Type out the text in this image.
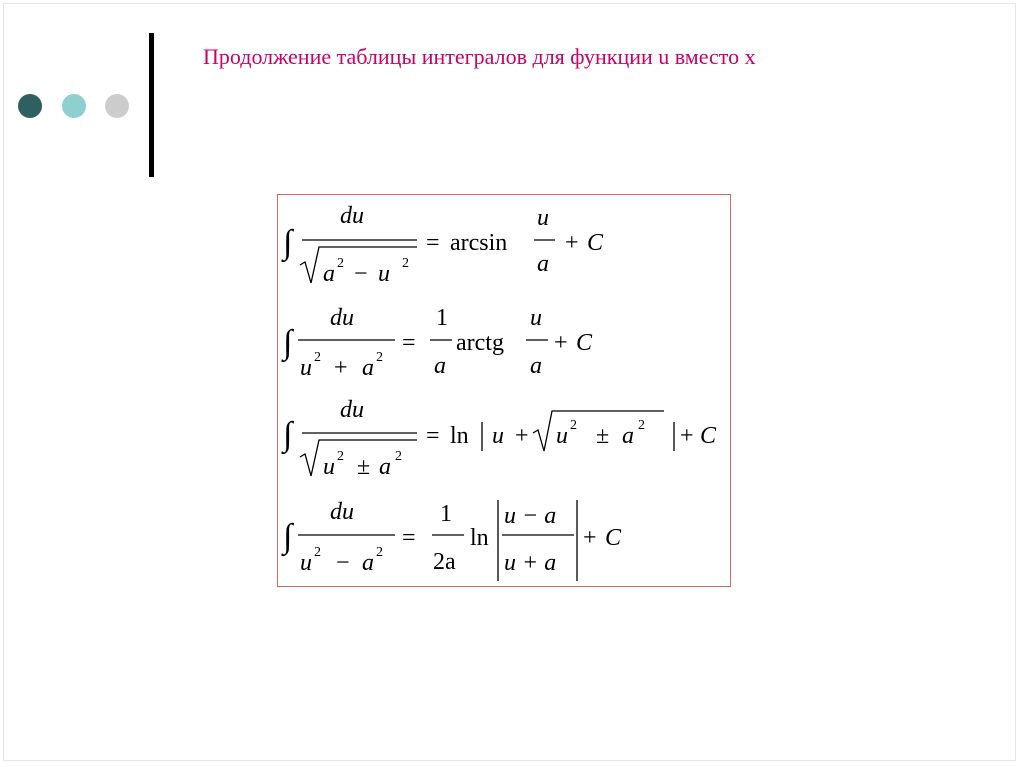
Продолжение таблицы интегралов для функции u вместо x
∫
du
a 2 − u 2
= arcsin
u
a
+ C
∫
du
u 2 + a 2
=
1
a
arctg
u
a
+ C
∫
du
u 2 ± a 2
= ln u + u 2 ± a 2 + C
∫
du
u 2 − a 2
=
1
2a
ln
u − a
u + a
+ C
